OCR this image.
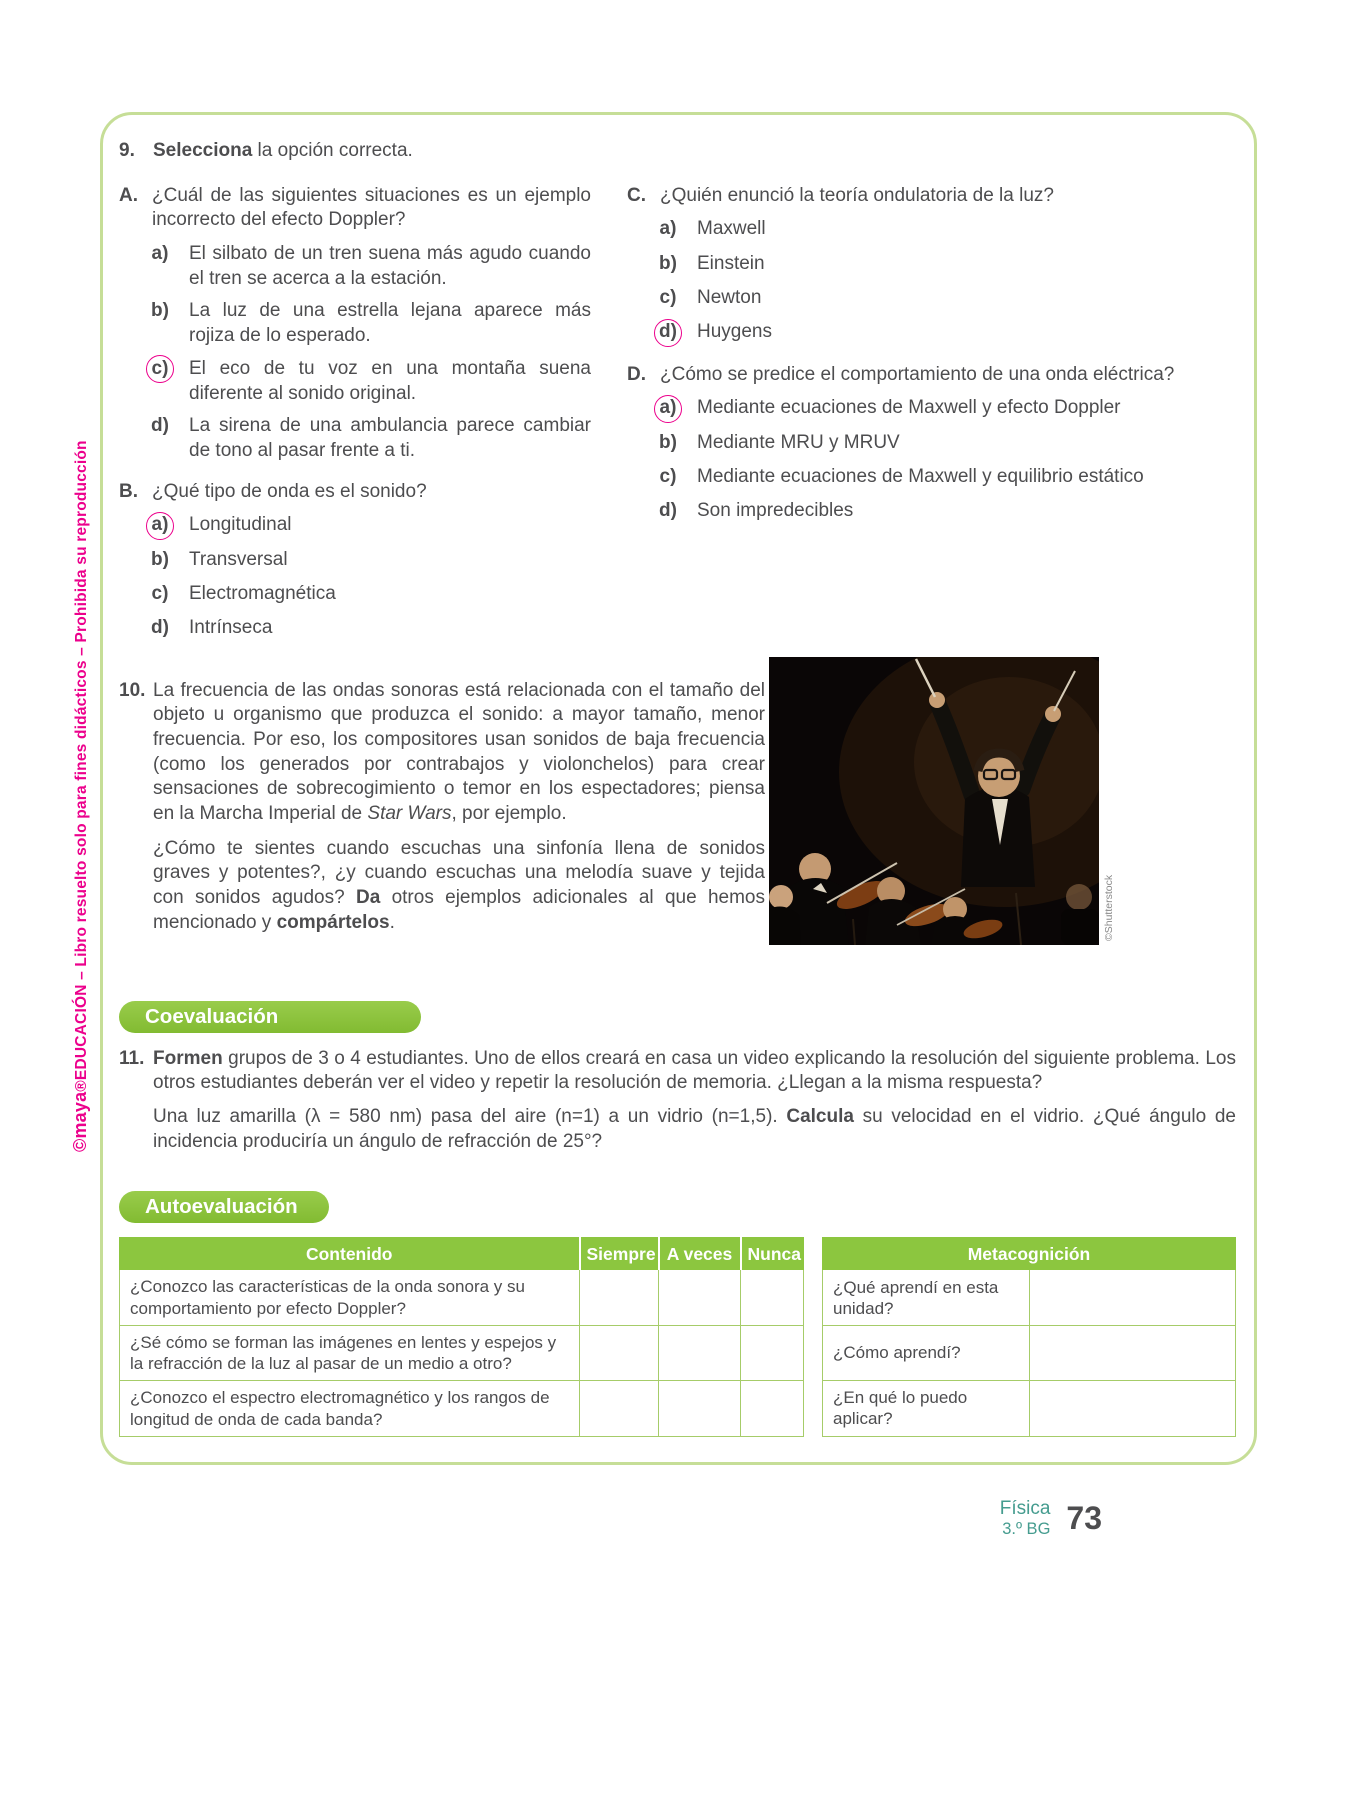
©maya®EDUCACIÓN – Libro resuelto solo para fines didácticos – Prohibida su reproducción
9. Selecciona la opción correcta.
A. ¿Cuál de las siguientes situaciones es un ejemplo incorrecto del efecto Doppler?
a)	El silbato de un tren suena más agudo cuando el tren se acerca a la estación.
b)	La luz de una estrella lejana aparece más rojiza de lo esperado.
c)	El eco de tu voz en una montaña suena diferente al sonido original.
d)	La sirena de una ambulancia parece cambiar de tono al pasar frente a ti.
B. ¿Qué tipo de onda es el sonido?
a)	Longitudinal
b)	Transversal
c)	Electromagnética
d)	Intrínseca
C. ¿Quién enunció la teoría ondulatoria de la luz?
a)	Maxwell
b)	Einstein
c)	Newton
d)	Huygens
D. ¿Cómo se predice el comportamiento de una onda eléctrica?
a)	Mediante ecuaciones de Maxwell y efecto Doppler
b)	Mediante MRU y MRUV
c)	Mediante ecuaciones de Maxwell y equilibrio estático
d)	Son impredecibles
10. La frecuencia de las ondas sonoras está relacionada con el tamaño del objeto u organismo que produzca el sonido: a mayor tamaño, menor frecuencia. Por eso, los compositores usan sonidos de baja frecuencia (como los generados por contrabajos y violonchelos) para crear sensaciones de sobrecogimiento o temor en los espectadores; piensa en la Marcha Imperial de Star Wars, por ejemplo.

¿Cómo te sientes cuando escuchas una sinfonía llena de sonidos graves y potentes?, ¿y cuando escuchas una melodía suave y tejida con sonidos agudos? Da otros ejemplos adicionales al que hemos mencionado y compártelos.	©Shutterstock
Coevaluación
11. Formen grupos de 3 o 4 estudiantes. Uno de ellos creará en casa un video explicando la resolución del siguiente problema. Los otros estudiantes deberán ver el video y repetir la resolución de memoria. ¿Llegan a la misma respuesta?

Una luz amarilla (λ = 580 nm) pasa del aire (n=1) a un vidrio (n=1,5). Calcula su velocidad en el vidrio. ¿Qué ángulo de incidencia produciría un ángulo de refracción de 25°?

Autoevaluación
Contenido	Siempre	A veces	Nunca
¿Conozco las características de la onda sonora y su comportamiento por efecto Doppler?			
¿Sé cómo se forman las imágenes en lentes y espejos y la refracción de la luz al pasar de un medio a otro?			
¿Conozco el espectro electromagnético y los rangos de longitud de onda de cada banda?			
Metacognición	
¿Qué aprendí en esta unidad?	
¿Cómo aprendí?	
¿En qué lo puedo aplicar?	
Física
3.º BG 73
